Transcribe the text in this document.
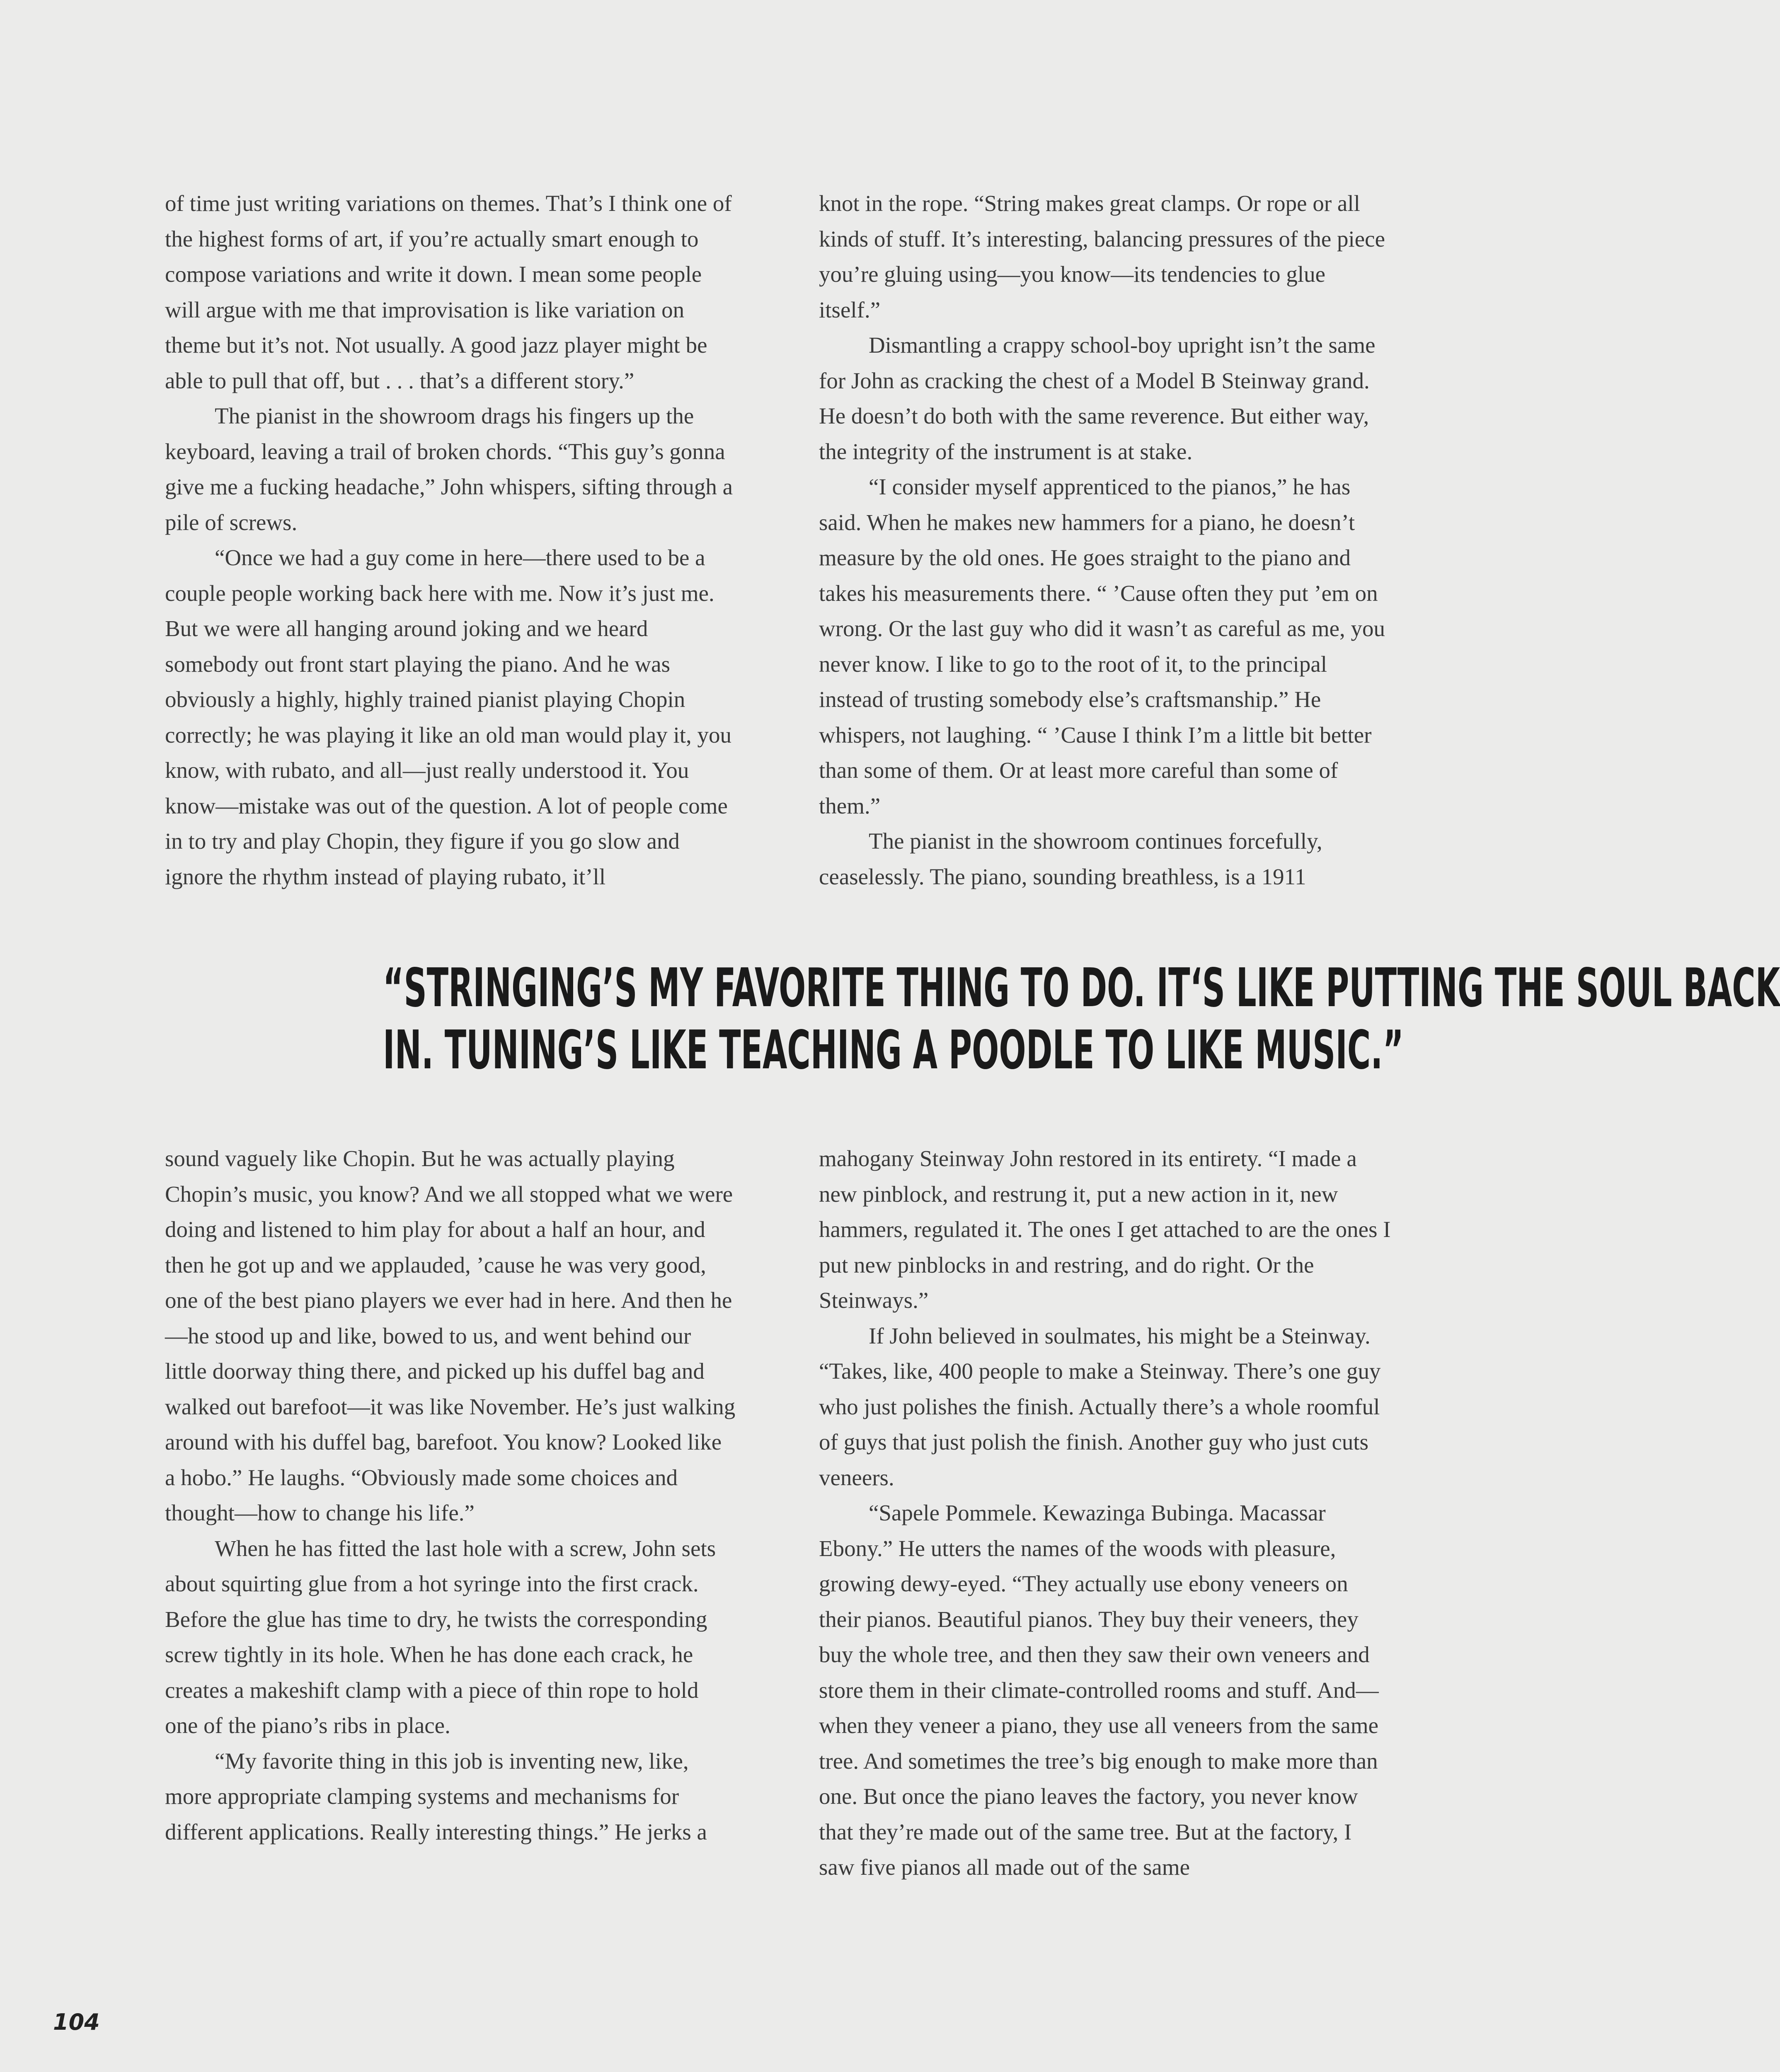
of time just writing variations on themes. That’s I think one of the highest forms of art, if you’re actually smart enough to compose variations and write it down. I mean some people will argue with me that improvisation is like variation on theme but it’s not. Not usually. A good jazz player might be able to pull that off, but . . . that’s a different story.”

The pianist in the showroom drags his fingers up the keyboard, leaving a trail of broken chords. “This guy’s gonna give me a fucking headache,” John whispers, sifting through a pile of screws.

“Once we had a guy come in here—there used to be a couple people working back here with me. Now it’s just me. But we were all hanging around joking and we heard somebody out front start playing the piano. And he was obviously a highly, highly trained pianist playing Chopin correctly; he was playing it like an old man would play it, you know, with rubato, and all—just really understood it. You know—mistake was out of the question. A lot of people come in to try and play Chopin, they figure if you go slow and ignore the rhythm instead of playing rubato, it’ll

knot in the rope. “String makes great clamps. Or rope or all kinds of stuff. It’s interesting, balancing pressures of the piece you’re gluing using—you know—its tendencies to glue itself.”

Dismantling a crappy school-boy upright isn’t the same for John as cracking the chest of a Model B Steinway grand. He doesn’t do both with the same reverence. But either way, the integrity of the instrument is at stake.

“I consider myself apprenticed to the pianos,” he has said. When he makes new hammers for a piano, he doesn’t measure by the old ones. He goes straight to the piano and takes his measurements there. “ ’Cause often they put ’em on wrong. Or the last guy who did it wasn’t as careful as me, you never know. I like to go to the root of it, to the principal instead of trusting somebody else’s craftsmanship.” He whispers, not laughing. “ ’Cause I think I’m a little bit better than some of them. Or at least more careful than some of them.”

The pianist in the showroom continues forcefully, ceaselessly. The piano, sounding breathless, is a 1911

“STRINGING’S MY FAVORITE THING TO DO. IT‘S LIKE PUTTING THE SOUL BACK
IN. TUNING’S LIKE TEACHING A POODLE TO LIKE MUSIC.”

sound vaguely like Chopin. But he was actually playing Chopin’s music, you know? And we all stopped what we were doing and listened to him play for about a half an hour, and then he got up and we applauded, ’cause he was very good, one of the best piano players we ever had in here. And then he—he stood up and like, bowed to us, and went behind our little doorway thing there, and picked up his duffel bag and walked out barefoot—it was like November. He’s just walking around with his duffel bag, barefoot. You know? Looked like a hobo.” He laughs. “Obviously made some choices and thought—how to change his life.”

When he has fitted the last hole with a screw, John sets about squirting glue from a hot syringe into the first crack. Before the glue has time to dry, he twists the corresponding screw tightly in its hole. When he has done each crack, he creates a makeshift clamp with a piece of thin rope to hold one of the piano’s ribs in place.

“My favorite thing in this job is inventing new, like, more appropriate clamping systems and mechanisms for different applications. Really interesting things.” He jerks a

mahogany Steinway John restored in its entirety. “I made a new pinblock, and restrung it, put a new action in it, new hammers, regulated it. The ones I get attached to are the ones I put new pinblocks in and restring, and do right. Or the Steinways.”

If John believed in soulmates, his might be a Steinway. “Takes, like, 400 people to make a Steinway. There’s one guy who just polishes the finish. Actually there’s a whole roomful of guys that just polish the finish. Another guy who just cuts veneers.

“Sapele Pommele. Kewazinga Bubinga. Macassar Ebony.” He utters the names of the woods with pleasure, growing dewy-eyed. “They actually use ebony veneers on their pianos. Beautiful pianos. They buy their veneers, they buy the whole tree, and then they saw their own veneers and store them in their climate-controlled rooms and stuff. And—when they veneer a piano, they use all veneers from the same tree. And sometimes the tree’s big enough to make more than one. But once the piano leaves the factory, you never know that they’re made out of the same tree. But at the factory, I saw five pianos all made out of the same

104
